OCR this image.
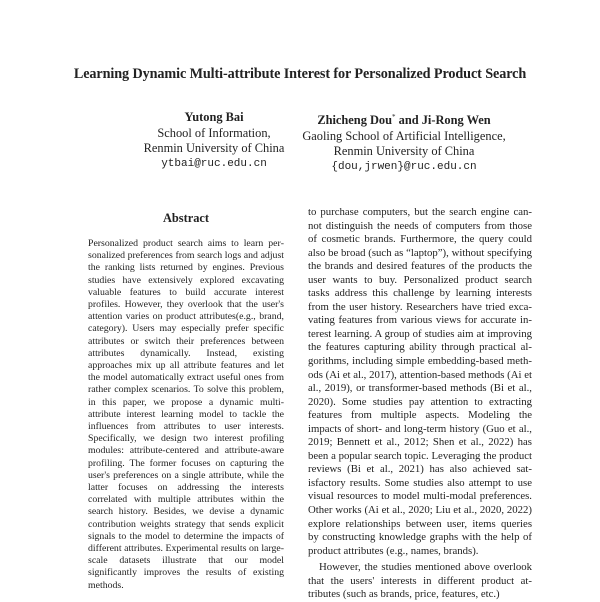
Learning Dynamic Multi-attribute Interest for Personalized Product Search
Yutong Bai
School of Information,
Renmin University of China
ytbai@ruc.edu.cn
Zhicheng Dou* and Ji-Rong Wen
Gaoling School of Artificial Intelligence,
Renmin University of China
{dou,jrwen}@ruc.edu.cn
Abstract
Personalized product search aims to learn personalized preferences from search logs and adjust the ranking lists returned by engines. Previous studies have extensively explored excavating valuable features to build accurate interest profiles. However, they overlook that the user's attention varies on product attributes(e.g., brand, category). Users may especially prefer specific attributes or switch their preferences between attributes dynamically. Instead, existing approaches mix up all attribute features and let the model automatically extract useful ones from rather complex scenarios. To solve this problem, in this paper, we propose a dynamic multi-attribute interest learning model to tackle the influences from attributes to user interests. Specifically, we design two interest profiling modules: attribute-centered and attribute-aware profiling. The former focuses on capturing the user's preferences on a single attribute, while the latter focuses on addressing the interests correlated with multiple attributes within the search history. Besides, we devise a dynamic contribution weights strategy that sends explicit signals to the model to determine the impacts of different attributes. Experimental results on large-scale datasets illustrate that our model significantly improves the results of existing methods.

to purchase computers, but the search engine cannot distinguish the needs of computers from those of cosmetic brands. Furthermore, the query could also be broad (such as “laptop”), without specifying the brands and desired features of the products the user wants to buy. Personalized product search tasks address this challenge by learning interests from the user history. Researchers have tried excavating features from various views for accurate interest learning. A group of studies aim at improving the features capturing ability through practical algorithms, including simple embedding-based methods (Ai et al., 2017), attention-based methods (Ai et al., 2019), or transformer-based methods (Bi et al., 2020). Some studies pay attention to extracting features from multiple aspects. Modeling the impacts of short- and long-term history (Guo et al., 2019; Bennett et al., 2012; Shen et al., 2022) has been a popular search topic. Leveraging the product reviews (Bi et al., 2021) has also achieved satisfactory results. Some studies also attempt to use visual resources to model multi-modal preferences. Other works (Ai et al., 2020; Liu et al., 2020, 2022) explore relationships between user, items queries by constructing knowledge graphs with the help of product attributes (e.g., names, brands).

However, the studies mentioned above overlook that the users' interests in different product attributes (such as brands, price, features, etc.)
